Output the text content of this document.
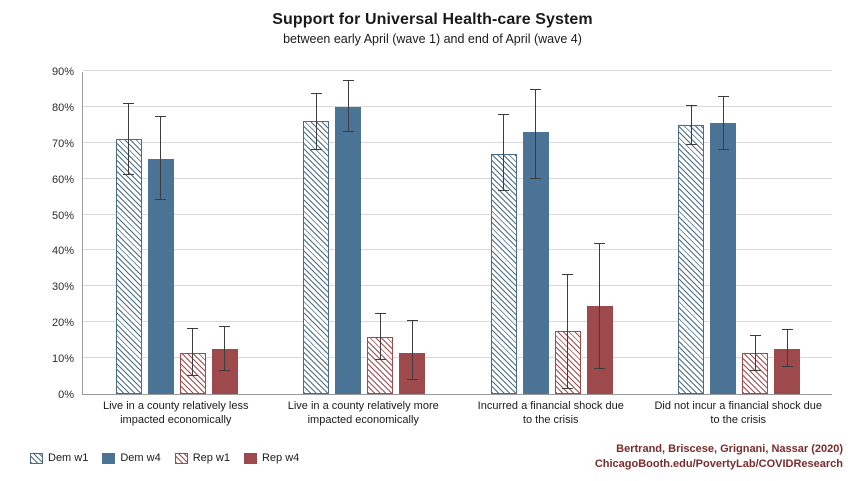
Support for Universal Health-care System
between early April (wave 1) and end of April (wave 4)
0%
10%
20%
30%
40%
50%
60%
70%
80%
90%
Live in a county relatively less
impacted economically
Live in a county relatively more
impacted economically
Incurred a financial shock due
to the crisis
Did not incur a financial shock due
to the crisis
Dem w1	Dem w4	Rep w1	Rep w4
Bertrand, Briscese, Grignani, Nassar (2020)
ChicagoBooth.edu/PovertyLab/COVIDResearch
